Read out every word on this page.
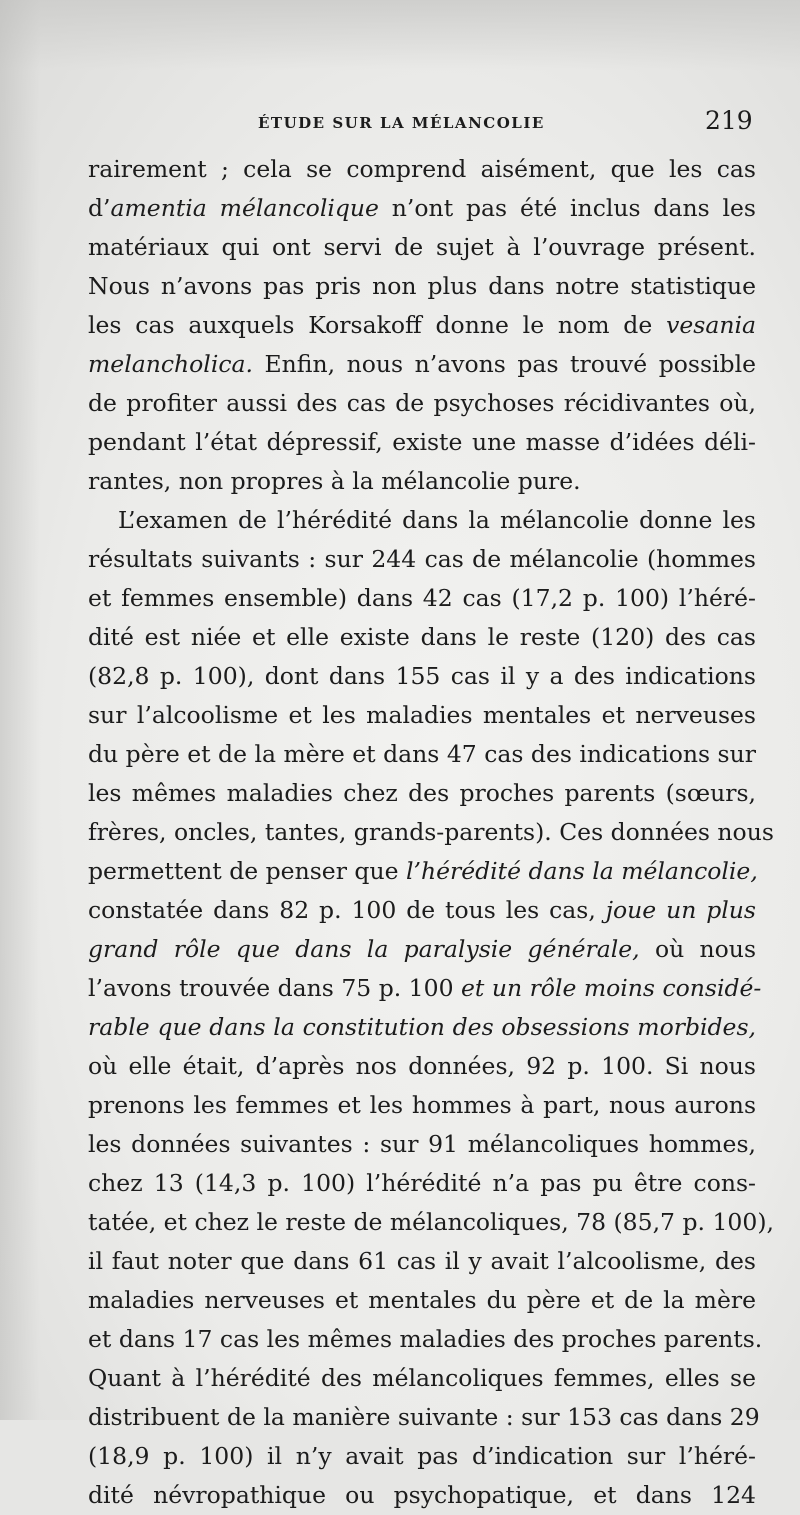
ÉTUDE SUR LA MÉLANCOLIE	219
rairement ; cela se comprend aisément, que les cas
d’amentia mélancolique n’ont pas été inclus dans les
matériaux qui ont servi de sujet à l’ouvrage présent.
Nous n’avons pas pris non plus dans notre statistique
les cas auxquels Korsakoff donne le nom de vesania
melancholica. Enfin, nous n’avons pas trouvé possible
de profiter aussi des cas de psychoses récidivantes où,
pendant l’état dépressif, existe une masse d’idées déli-
rantes, non propres à la mélancolie pure.
L’examen de l’hérédité dans la mélancolie donne les
résultats suivants : sur 244 cas de mélancolie (hommes
et femmes ensemble) dans 42 cas (17,2 p. 100) l’héré-
dité est niée et elle existe dans le reste (120) des cas
(82,8 p. 100), dont dans 155 cas il y a des indications
sur l’alcoolisme et les maladies mentales et nerveuses
du père et de la mère et dans 47 cas des indications sur
les mêmes maladies chez des proches parents (sœurs,
frères, oncles, tantes, grands-parents). Ces données nous
permettent de penser que l’hérédité dans la mélancolie,
constatée dans 82 p. 100 de tous les cas, joue un plus
grand rôle que dans la paralysie générale, où nous
l’avons trouvée dans 75 p. 100 et un rôle moins considé-
rable que dans la constitution des obsessions morbides,
où elle était, d’après nos données, 92 p. 100. Si nous
prenons les femmes et les hommes à part, nous aurons
les données suivantes : sur 91 mélancoliques hommes,
chez 13 (14,3 p. 100) l’hérédité n’a pas pu être cons-
tatée, et chez le reste de mélancoliques, 78 (85,7 p. 100),
il faut noter que dans 61 cas il y avait l’alcoolisme, des
maladies nerveuses et mentales du père et de la mère
et dans 17 cas les mêmes maladies des proches parents.
Quant à l’hérédité des mélancoliques femmes, elles se
distribuent de la manière suivante : sur 153 cas dans 29
(18,9 p. 100) il n’y avait pas d’indication sur l’héré-
dité névropathique ou psychopatique, et dans 124
